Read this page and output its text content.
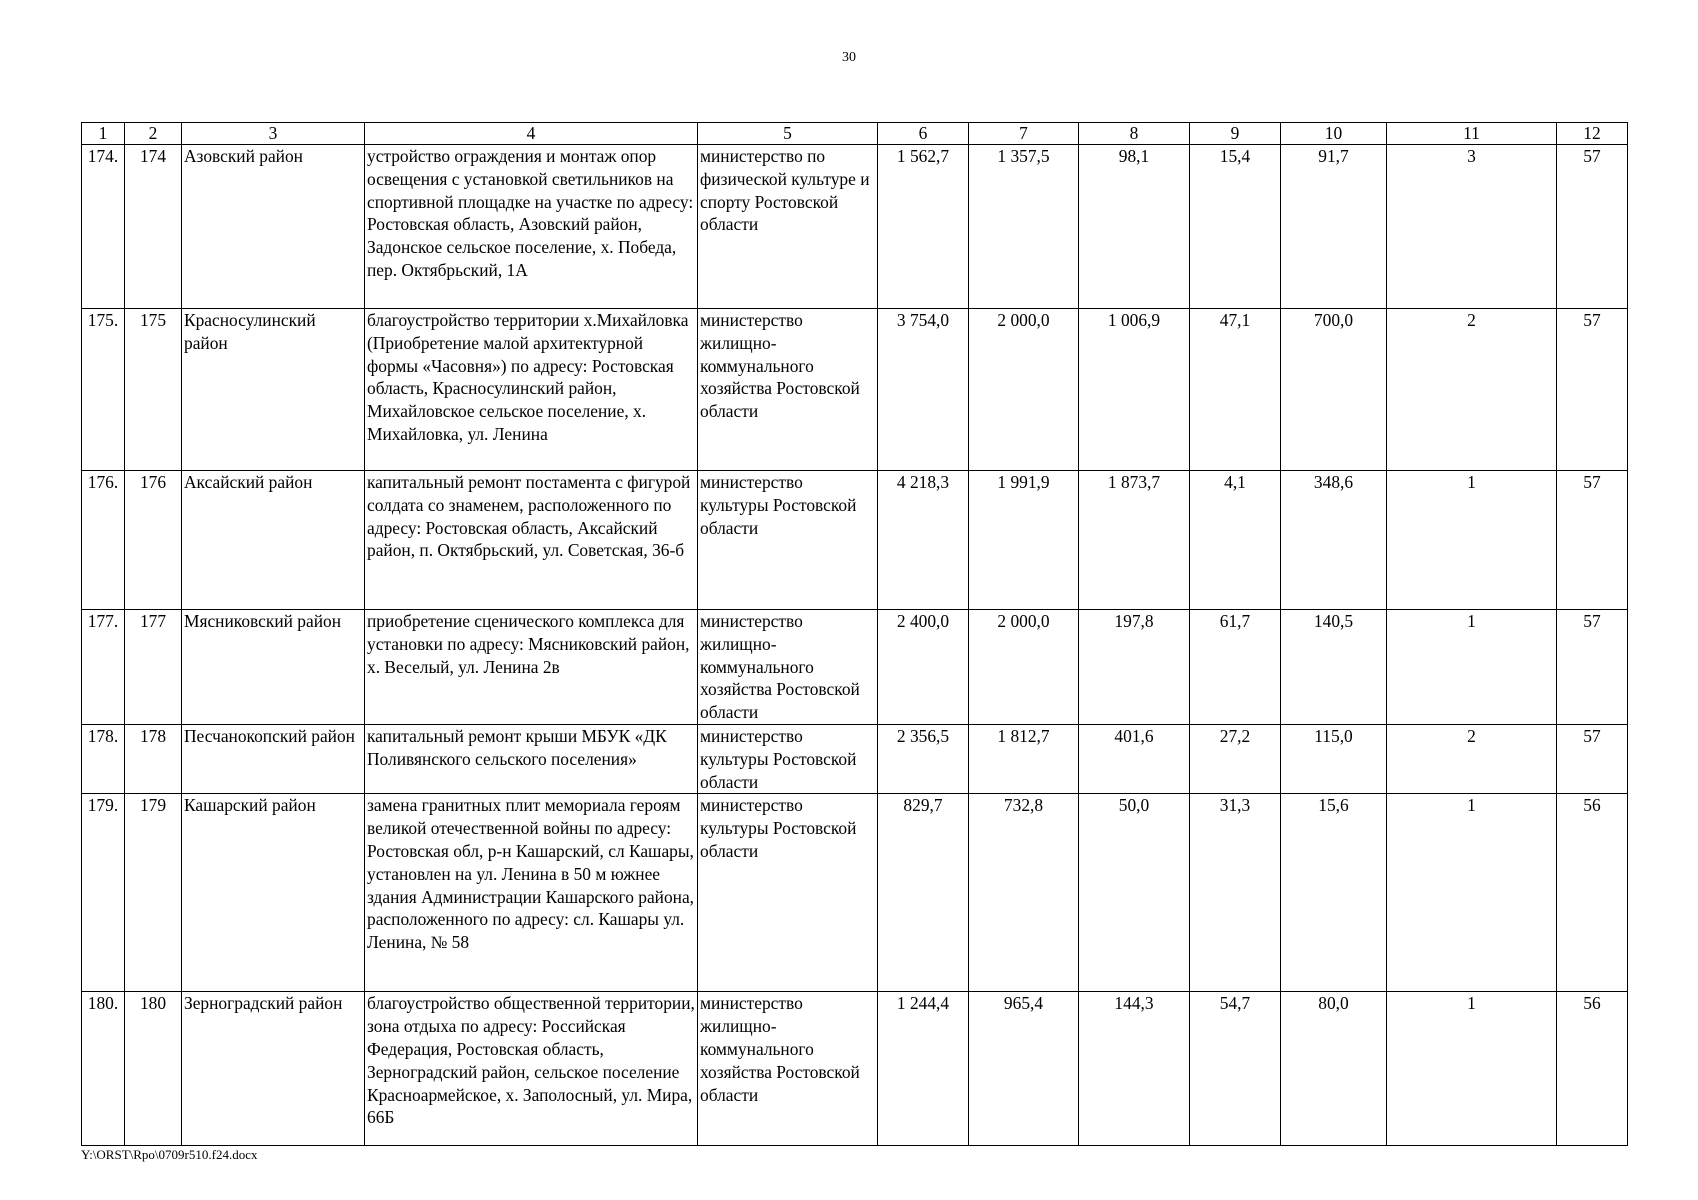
30
1	2	3	4	5	6	7	8	9	10	11	12
174.	174	Азовский район	устройство ограждения и монтаж опор освещения с установкой светильников на спортивной площадке на участке по адресу: Ростовская область, Азовский район, Задонское сельское поселение, х. Победа, пер. Октябрьский, 1А	министерство по физической культуре и спорту Ростовской области	1 562,7	1 357,5	98,1	15,4	91,7	3	57
175.	175	Красносулинский район	благоустройство территории х.Михайловка (Приобретение малой архитектурной формы «Часовня») по адресу: Ростовская область, Красносулинский район, Михайловское сельское поселение, х. Михайловка, ул. Ленина	министерство жилищно-коммунального хозяйства Ростовской области	3 754,0	2 000,0	1 006,9	47,1	700,0	2	57
176.	176	Аксайский район	капитальный ремонт постамента с фигурой солдата со знаменем, расположенного по адресу: Ростовская область, Аксайский район, п. Октябрьский, ул. Советская, 36-б	министерство культуры Ростовской области	4 218,3	1 991,9	1 873,7	4,1	348,6	1	57
177.	177	Мясниковский район	приобретение сценического комплекса для установки по адресу: Мясниковский район, х. Веселый, ул. Ленина 2в	министерство жилищно-коммунального хозяйства Ростовской области	2 400,0	2 000,0	197,8	61,7	140,5	1	57
178.	178	Песчанокопский район	капитальный ремонт крыши МБУК «ДК Поливянского сельского поселения»	министерство культуры Ростовской области	2 356,5	1 812,7	401,6	27,2	115,0	2	57
179.	179	Кашарский район	замена гранитных плит мемориала героям великой отечественной войны по адресу: Ростовская обл, р-н Кашарский, сл Кашары, установлен на ул. Ленина в 50 м южнее здания Администрации Кашарского района, расположенного по адресу: сл. Кашары ул. Ленина, № 58	министерство культуры Ростовской области	829,7	732,8	50,0	31,3	15,6	1	56
180.	180	Зерноградский район	благоустройство общественной территории, зона отдыха по адресу: Российская Федерация, Ростовская область, Зерноградский район, сельское поселение Красноармейское, х. Заполосный, ул. Мира, 66Б	министерство жилищно-коммунального хозяйства Ростовской области	1 244,4	965,4	144,3	54,7	80,0	1	56
Y:\ORST\Rpo\0709r510.f24.docx
